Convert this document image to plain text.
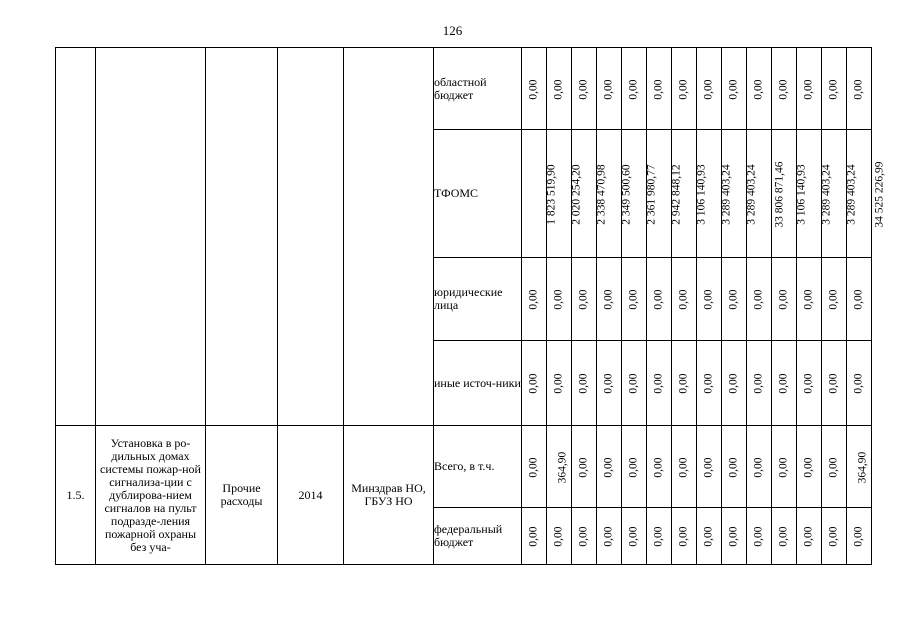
126
					областной бюджет	0,00	0,00	0,00	0,00	0,00	0,00	0,00	0,00	0,00	0,00	0,00	0,00	0,00	0,00
					ТФОМС	1 823 519,90	2 020 254,20	2 338 470,98	2 349 500,60	2 361 980,77	2 942 848,12	3 106 140,93	3 289 403,24	3 289 403,24	33 806 871,46	3 106 140,93	3 289 403,24	3 289 403,24	34 525 226,99
					юридические лица	0,00	0,00	0,00	0,00	0,00	0,00	0,00	0,00	0,00	0,00	0,00	0,00	0,00	0,00
					иные источ-ники	0,00	0,00	0,00	0,00	0,00	0,00	0,00	0,00	0,00	0,00	0,00	0,00	0,00	0,00
1.5.	Установка в ро-дильных домах системы пожар-ной сигнализа-ции с дублирова-нием сигналов на пульт подразде-ления пожарной охраны без уча-	Прочие расходы	2014	Минздрав НО, ГБУЗ НО	Всего, в т.ч.	0,00	364,90	0,00	0,00	0,00	0,00	0,00	0,00	0,00	0,00	0,00	0,00	0,00	364,90
					федеральный бюджет	0,00	0,00	0,00	0,00	0,00	0,00	0,00	0,00	0,00	0,00	0,00	0,00	0,00	0,00
